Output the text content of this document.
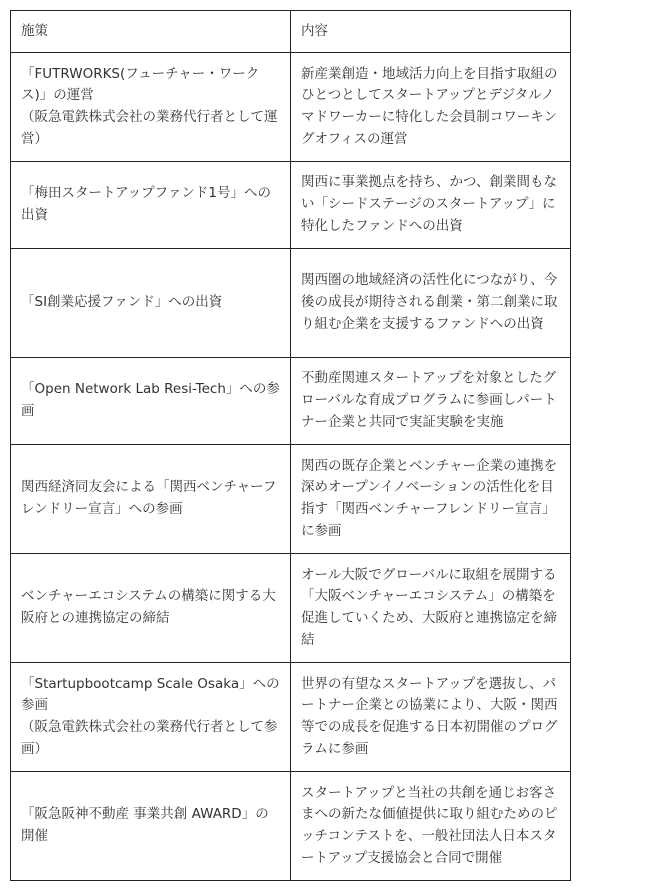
施策	内容
「FUTRWORKS(フューチャー・ワークス)」の運営
（阪急電鉄株式会社の業務代行者として運営）	新産業創造・地域活力向上を目指す取組のひとつとしてスタートアップとデジタルノマドワーカーに特化した会員制コワーキングオフィスの運営
「梅田スタートアップファンド1号」への出資	関西に事業拠点を持ち、かつ、創業間もない「シードステージのスタートアップ」に特化したファンドへの出資
「SI創業応援ファンド」への出資	関西圏の地域経済の活性化につながり、今後の成長が期待される創業・第二創業に取り組む企業を支援するファンドへの出資
「Open Network Lab Resi-Tech」への参画	不動産関連スタートアップを対象としたグローバルな育成プログラムに参画しパートナー企業と共同で実証実験を実施
関西経済同友会による「関西ベンチャーフレンドリー宣言」への参画	関西の既存企業とベンチャー企業の連携を深めオープンイノベーションの活性化を目指す「関西ベンチャーフレンドリー宣言」に参画
ベンチャーエコシステムの構築に関する大阪府との連携協定の締結	オール大阪でグローバルに取組を展開する「大阪ベンチャーエコシステム」の構築を促進していくため、大阪府と連携協定を締結
「Startupbootcamp Scale Osaka」への参画
（阪急電鉄株式会社の業務代行者として参画）	世界の有望なスタートアップを選抜し、パートナー企業との協業により、大阪・関西等での成長を促進する日本初開催のプログラムに参画
「阪急阪神不動産 事業共創 AWARD」の開催	スタートアップと当社の共創を通じお客さまへの新たな価値提供に取り組むためのピッチコンテストを、一般社団法人日本スタートアップ支援協会と合同で開催
